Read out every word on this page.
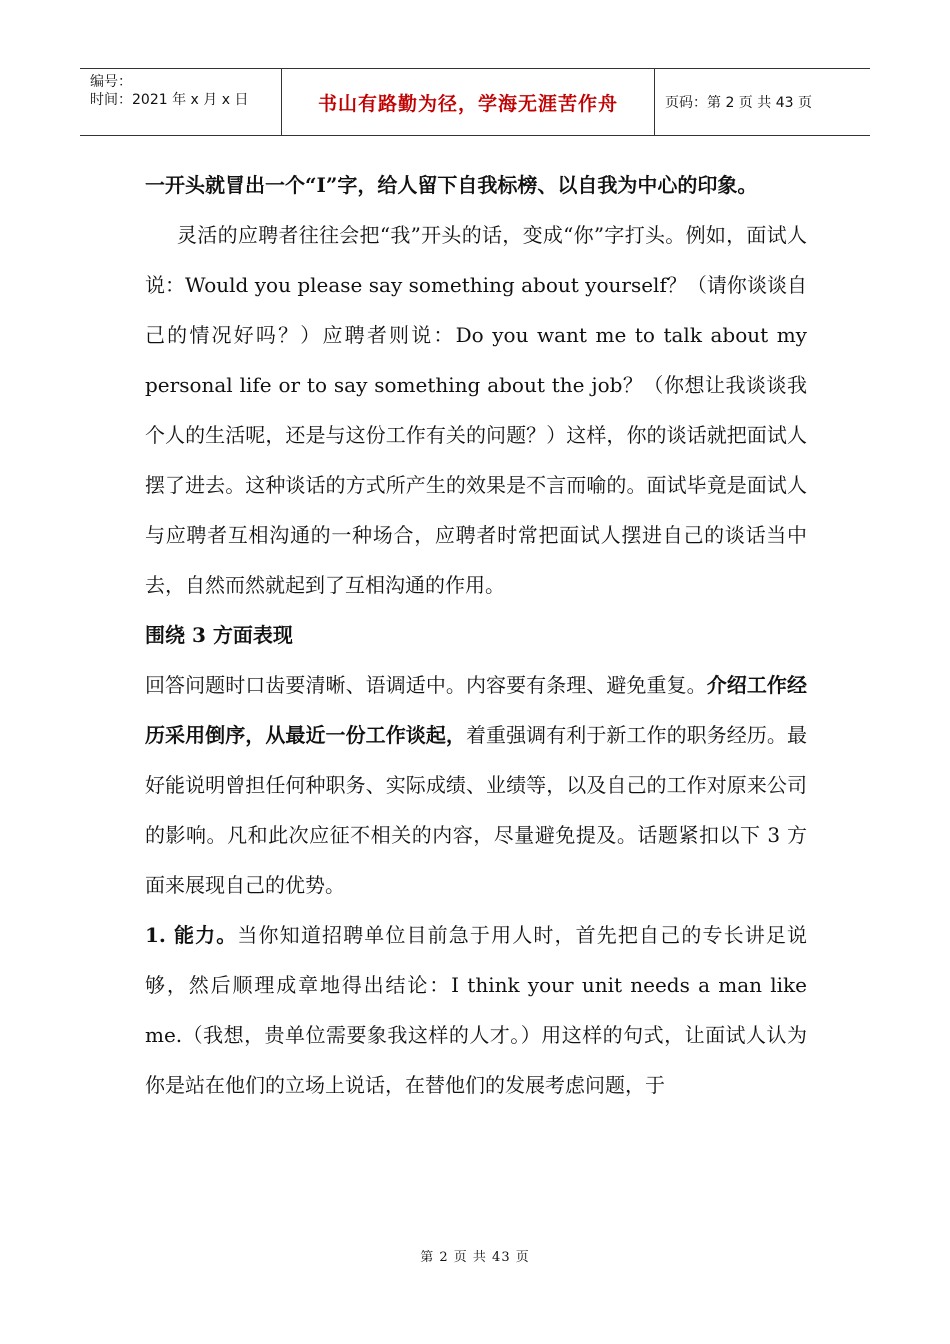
编号：
时间：2021 年 x 月 x 日	书山有路勤为径，学海无涯苦作舟	页码：第 2 页 共 43 页

一开头就冒出一个“I”字，给人留下自我标榜、以自我为中心的印象。

灵活的应聘者往往会把“我”开头的话，变成“你”字打头。例如，面试人说：Would you please say something about yourself？（请你谈谈自己的情况好吗？）应聘者则说：Do you want me to talk about my personal life or to say something about the job？（你想让我谈谈我个人的生活呢，还是与这份工作有关的问题？）这样，你的谈话就把面试人摆了进去。这种谈话的方式所产生的效果是不言而喻的。面试毕竟是面试人与应聘者互相沟通的一种场合，应聘者时常把面试人摆进自己的谈话当中去，自然而然就起到了互相沟通的作用。

围绕 3 方面表现

回答问题时口齿要清晰、语调适中。内容要有条理、避免重复。介绍工作经历采用倒序，从最近一份工作谈起，着重强调有利于新工作的职务经历。最好能说明曾担任何种职务、实际成绩、业绩等，以及自己的工作对原来公司的影响。凡和此次应征不相关的内容，尽量避免提及。话题紧扣以下 3 方面来展现自己的优势。

1. 能力。当你知道招聘单位目前急于用人时，首先把自己的专长讲足说够，然后顺理成章地得出结论：I think your unit needs a man like me.（我想，贵单位需要象我这样的人才。）用这样的句式，让面试人认为你是站在他们的立场上说话，在替他们的发展考虑问题，于

第 2 页 共 43 页
